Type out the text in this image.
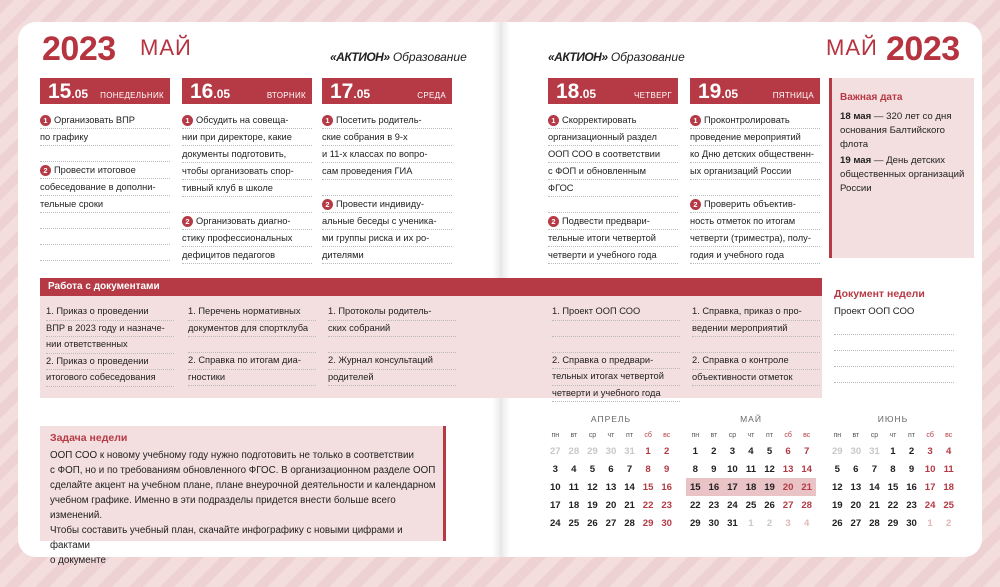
2023 МАЙ	«АКТИОН» Образование	«АКТИОН» Образование	МАЙ 2023
15.05 ПОНЕДЕЛЬНИК
1 Организовать ВПР
по графику
2 Провести итоговое
собеседование в дополни-
тельные сроки
16.05	ВТОРНИК
1 Обсудить на совеща-
нии при директоре, какие
документы подготовить,
чтобы организовать спор-
тивный клуб в школе
2 Организовать диагно-
стику профессиональных
дефицитов педагогов
17.05	СРЕДА
1 Посетить родитель-
ские собрания в 9-х
и 11-х классах по вопро-
сам проведения ГИА
2 Провести индивиду-
альные беседы с ученика-
ми группы риска и их ро-
дителями
18.05	ЧЕТВЕРГ
1 Скорректировать
организационный раздел
ООП СОО в соответствии
с ФОП и обновленным
ФГОС
2 Подвести предвари-
тельные итоги четвертой
четверти и учебного года
19.05	ПЯТНИЦА
1 Проконтролировать
проведение мероприятий
ко Дню детских общественн-
ых организаций России
2 Проверить объектив-
ность отметок по итогам
четверти (триместра), полу-
годия и учебного года
Важная дата
18 мая — 320 лет со дня основания Балтийского флота
19 мая — День детских общественных организаций России
Работа с документами
1. Приказ о проведении
ВПР в 2023 году и назначе-
нии ответственных
2. Приказ о проведении
итогового собеседования
1. Перечень нормативных
документов для спортклуба
2. Справка по итогам диа-
гностики
1. Протоколы родитель-
ских собраний
2. Журнал консультаций
родителей
1. Проект ООП СОО
2. Справка о предвари-
тельных итогах четвертой
четверти и учебного года
1. Справка, приказ о про-
ведении мероприятий
2. Справка о контроле
объективности отметок
Документ недели
Проект ООП СОО
Задача недели
ООП СОО к новому учебному году нужно подготовить не только в соответствии
с ФОП, но и по требованиям обновленного ФГОС. В организационном разделе ООП
сделайте акцент на учебном плане, плане внеурочной деятельности и календарном
учебном графике. Именно в эти подразделы придется внести больше всего изменений.
Чтобы составить учебный план, скачайте инфографику с новыми цифрами и фактами
о документе
АПРЕЛЬ
пн	вт	ср	чт	пт	сб	вс
27	28	29	30	31	1	2
3	4	5	6	7	8	9
10	11	12	13	14	15	16
17	18	19	20	21	22	23
24	25	26	27	28	29	30
МАЙ
пн	вт	ср	чт	пт	сб	вс
1	2	3	4	5	6	7
8	9	10	11	12	13	14
15	16	17	18	19	20	21
22	23	24	25	26	27	28
29	30	31	1	2	3	4
ИЮНЬ
пн	вт	ср	чт	пт	сб	вс
29	30	31	1	2	3	4
5	6	7	8	9	10	11
12	13	14	15	16	17	18
19	20	21	22	23	24	25
26	27	28	29	30	1	2
